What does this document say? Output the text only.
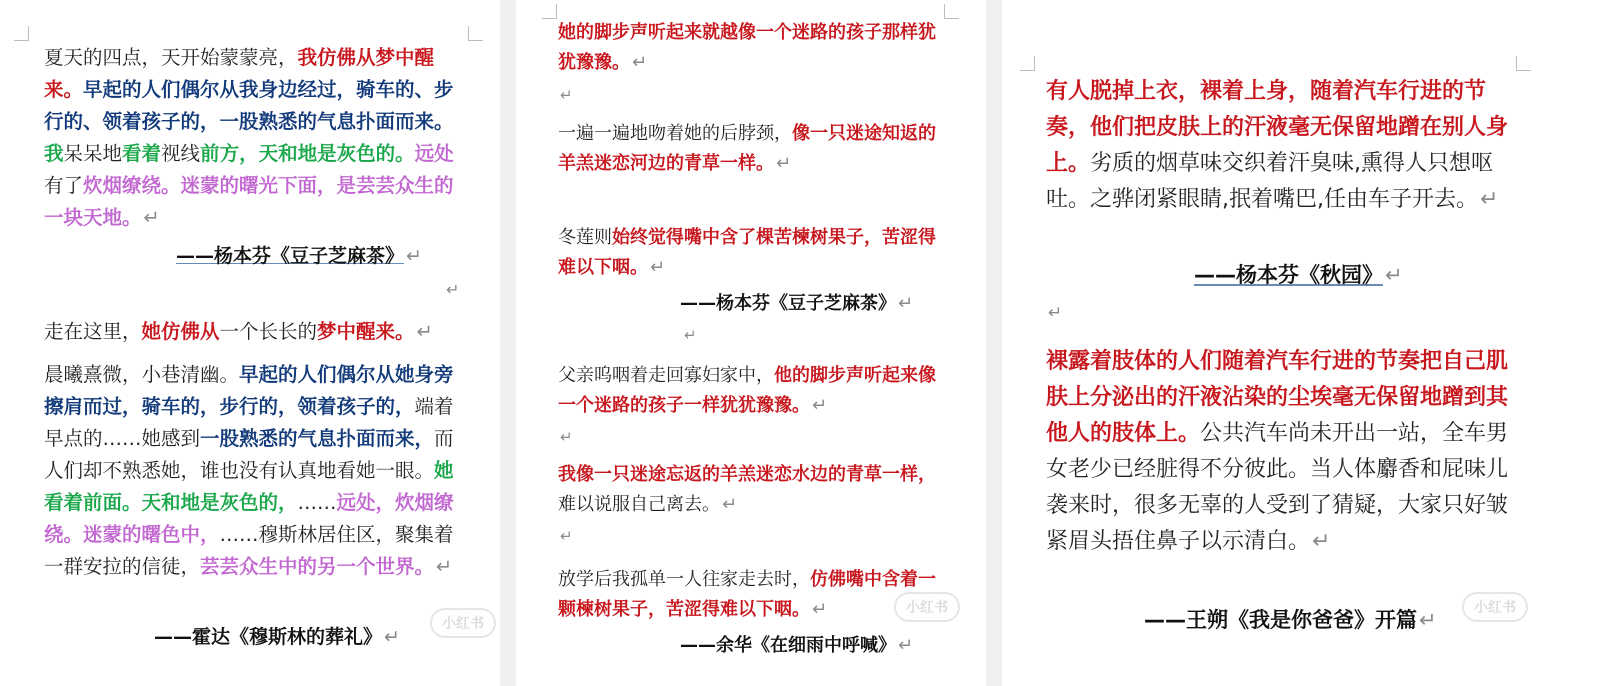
夏天的四点，天开始蒙蒙亮，我仿佛从梦中醒来。早起的人们偶尔从我身边经过，骑车的、步行的、领着孩子的，一股熟悉的气息扑面而来。我呆呆地看着视线前方，天和地是灰色的。远处有了炊烟缭绕。迷蒙的曙光下面，是芸芸众生的一块天地。 ↵

——杨本芬《豆子芝麻茶》 ↵

↵

走在这里，她仿佛从一个长长的梦中醒来。 ↵

晨曦熹微，小巷清幽。早起的人们偶尔从她身旁擦肩而过，骑车的，步行的，领着孩子的，端着早点的……她感到一股熟悉的气息扑面而来，而人们却不熟悉她，谁也没有认真地看她一眼。她看着前面。天和地是灰色的，……远处，炊烟缭绕。迷蒙的曙色中，……穆斯林居住区，聚集着一群安拉的信徒，芸芸众生中的另一个世界。 ↵

——霍达《穆斯林的葬礼》 ↵

小红书

她的脚步声听起来就越像一个迷路的孩子那样犹犹豫豫。 ↵

↵

一遍一遍地吻着她的后脖颈，像一只迷途知返的羊羔迷恋河边的青草一样。 ↵

冬莲则始终觉得嘴中含了棵苦楝树果子，苦涩得难以下咽。 ↵

——杨本芬《豆子芝麻茶》 ↵

↵

父亲呜咽着走回寡妇家中，他的脚步声听起来像一个迷路的孩子一样犹犹豫豫。 ↵

↵

我像一只迷途忘返的羊羔迷恋水边的青草一样，难以说服自己离去。 ↵

↵

放学后我孤单一人往家走去时，仿佛嘴中含着一颗楝树果子，苦涩得难以下咽。 ↵

——余华《在细雨中呼喊》 ↵

小红书

有人脱掉上衣，裸着上身，随着汽车行进的节奏，他们把皮肤上的汗液毫无保留地蹭在别人身上。劣质的烟草味交织着汗臭味,熏得人只想呕吐。之骅闭紧眼睛,抿着嘴巴,任由车子开去。↵

——杨本芬《秋园》↵

↵

裸露着肢体的人们随着汽车行进的节奏把自己肌肤上分泌出的汗液沾染的尘埃毫无保留地蹭到其他人的肢体上。公共汽车尚未开出一站，全车男女老少已经脏得不分彼此。当人体麝香和屁味儿袭来时，很多无辜的人受到了猜疑，大家只好皱紧眉头捂住鼻子以示清白。↵

——王朔《我是你爸爸》开篇↵	小红书
